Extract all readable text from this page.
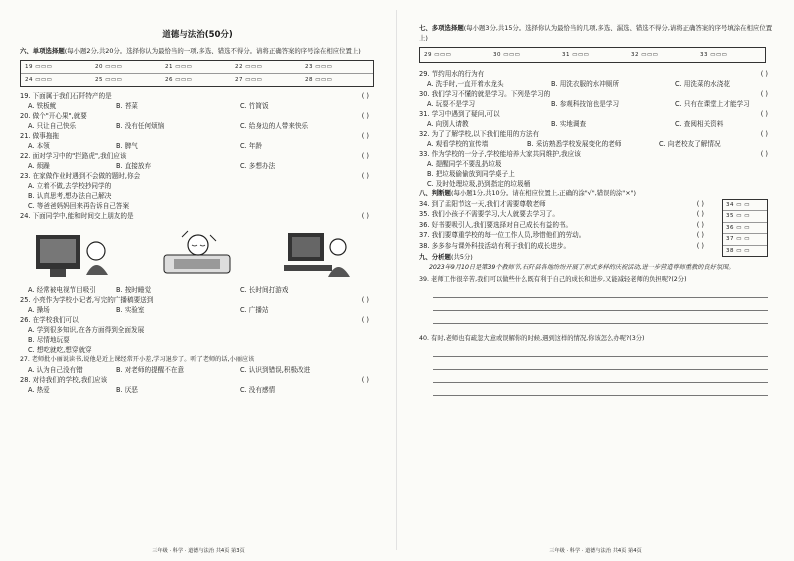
道德与法治(50分)
六、单项选择题(每小题2分,共20分。选择你认为最恰当的一项,多选、错选不得分。请将正确答案的序号涂在相应位置上)
19 ▭▭▭	20 ▭▭▭	21 ▭▭▭	22 ▭▭▭	23 ▭▭▭
24 ▭▭▭	25 ▭▭▭	26 ▭▭▭	27 ▭▭▭	28 ▭▭▭
19. 下面属于我们石阡特产的是	( )
A. 铁板鱿	B. 苔菜	C. 竹简饭
20. 做个"开心果",就要	( )
A. 只让自己快乐	B. 没有任何烦恼	C. 给身边的人带来快乐
21. 做事拖拖	( )
A. 本领	B. 脾气	C. 年龄
22. 面对学习中的"拦路虎",我们应该	( )
A. 烦躁	B. 直接放弃	C. 多想办法
23. 在家做作业时遇到不会做的题时,你会	( )
A. 立着不做,去学校抄同学的
B. 认真思考,想办法自己解决
C. 等爸爸妈妈回来再告诉自己答案
24. 下面同学中,能和时间交上朋友的是	( )
A. 经常被电视节目吸引	B. 按时睡觉	C. 长时间打游戏
25. 小亮作为学校小记者,写完的广播稿要送到	( )
A. 操场	B. 实验室	C. 广播站
26. 在学校我们可以	( )
A. 学到很多知识,在各方面得到全面发展
B. 尽情地玩耍
C. 想吃就吃,想穿就穿
27. 老师批小丽说读书,说他是近上课经常开小差,学习退步了。听了老师的话,小丽应该
A. 认为自己没有错	B. 对老师的提醒不在意	C. 认识到错误,积极改进
28. 对待我们的学校,我们应该	( )
A. 热爱	B. 厌恶	C. 没有感情
三年级 · 科学 · 道德与法治 共4页 第3页
七、多项选择题(每小题3分,共15分。选择你认为最恰当的几项,多选、漏选、错选不得分,请将正确答案的序号填涂在相应位置上)
29 ▭▭▭	30 ▭▭▭	31 ▭▭▭	32 ▭▭▭	33 ▭▭▭
29. 节约用水的行为有	( )
A. 洗手时,一直开着水龙头	B. 用洗衣服的水冲厕所	C. 用洗菜的水浇花
30. 我们学习不懂的就是学习。下列是学习的	( )
A. 玩耍不是学习	B. 参观科技馆也是学习	C. 只有在课堂上才能学习
31. 学习中遇到了疑问,可以	( )
A. 向别人请教	B. 实地调查	C. 查阅相关资料
32. 为了了解学校,以下我们能用的方法有	( )
A. 观看学校的宣传墙	B. 采访熟悉学校发展变化的老师	C. 向老校友了解情况
33. 作为学校的一分子,学校能培养大家共同维护,我应该	( )
A. 提醒同学不要乱扔垃圾
B. 把垃圾偷偷放到同学桌子上
C. 及时处理垃圾,扔到指定的垃圾桶
八、判断题(每小题1分,共10分。请在相应位置上,正确的涂"√",错误的涂"×")
34. 到了盂阳节这一天,我们才需要尊敬老师	( )
35. 我们小孩子不需要学习,大人就要去学习了。	( )
36. 好书要吸引人,我们要选择对自己成长有益的书。	( )
37. 我们要尊重学校的每一位工作人员,珍惜他们的劳动。	( )
38. 多多参与课外科技活动有利于我们的成长进步。	( )
34 ▭ ▭
35 ▭ ▭
36 ▭ ▭
37 ▭ ▭
38 ▭ ▭
九、分析题(共5分)
2023年9月10日是第39个教师节,石阡县各地纷纷开展了形式多样的庆祝活动,进一步营造尊师重教的良好氛围。
39. 老师工作很辛苦,我们可以做些什么既有利于自己的成长和进步,又能减轻老师的负担呢?(2分)
40. 有时,老师也有疏忽大意或误解你的时候,遇到这样的情况,你该怎么办呢?(3分)
三年级 · 科学 · 道德与法治 共4页 第4页
